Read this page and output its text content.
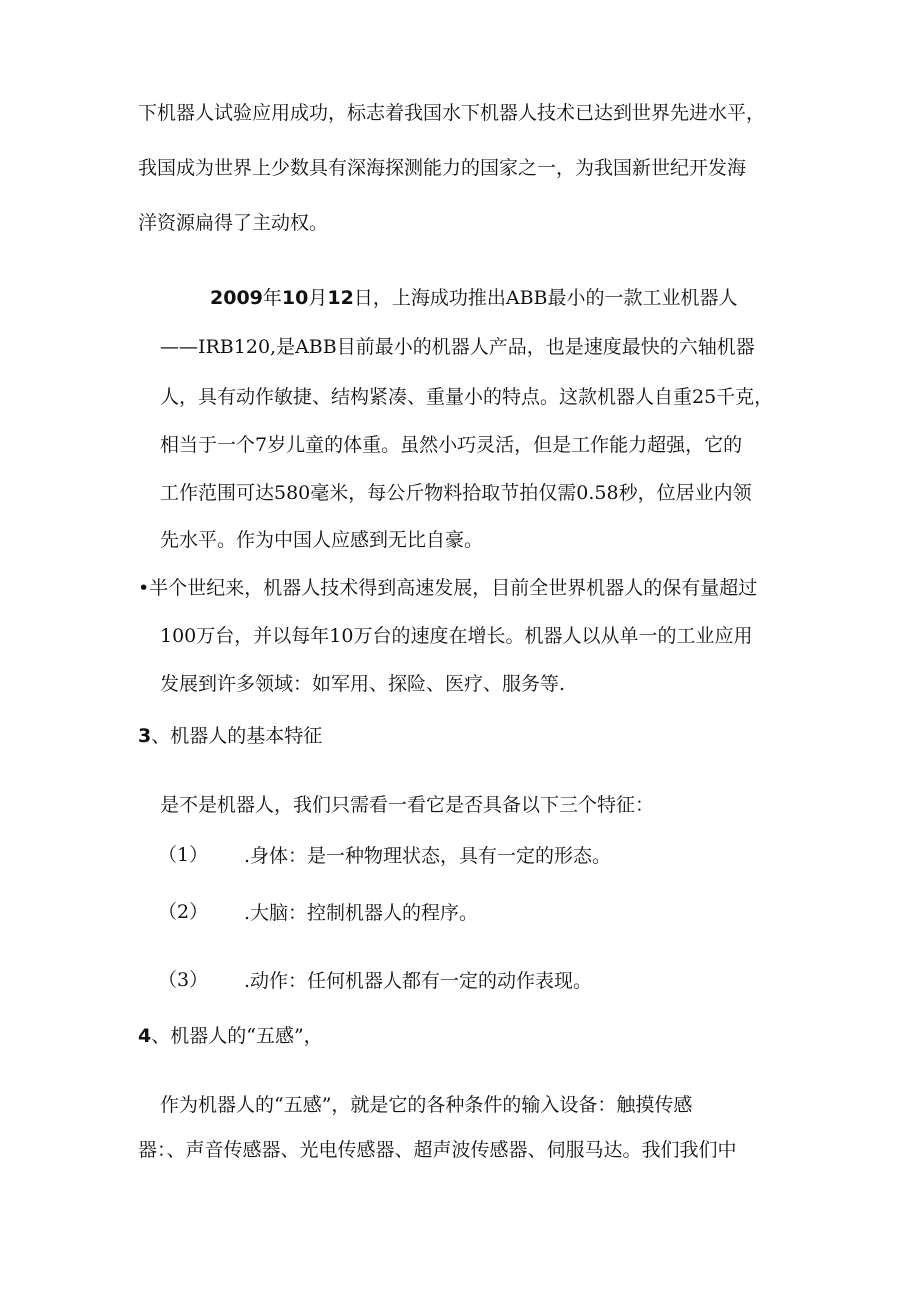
下机器人试验应用成功，标志着我国水下机器人技术已达到世界先进水平，
我国成为世界上少数具有深海探测能力的国家之一，为我国新世纪开发海
洋资源扁得了主动权。
2009年10月12日，上海成功推出ABB最小的一款工业机器人
——IRB120,是ABB目前最小的机器人产品，也是速度最快的六轴机器
人，具有动作敏捷、结构紧凑、重量小的特点。这款机器人自重25千克，
相当于一个7岁儿童的体重。虽然小巧灵活，但是工作能力超强，它的
工作范围可达580毫米，每公斤物料拾取节拍仅需0.58秒，位居业内领
先水平。作为中国人应感到无比自豪。
•半个世纪来，机器人技术得到高速发展，目前全世界机器人的保有量超过
100万台，并以每年10万台的速度在增长。机器人以从单一的工业应用
发展到许多领域：如军用、探险、医疗、服务等.
3、机器人的基本特征
是不是机器人，我们只需看一看它是否具备以下三个特征：
（1） .身体：是一种物理状态，具有一定的形态。
（2） .大脑：控制机器人的程序。
（3） .动作：任何机器人都有一定的动作表现。
4、机器人的“五感”，
作为机器人的“五感”，就是它的各种条件的输入设备：触摸传感
器：、声音传感器、光电传感器、超声波传感器、伺服马达。我们我们中
